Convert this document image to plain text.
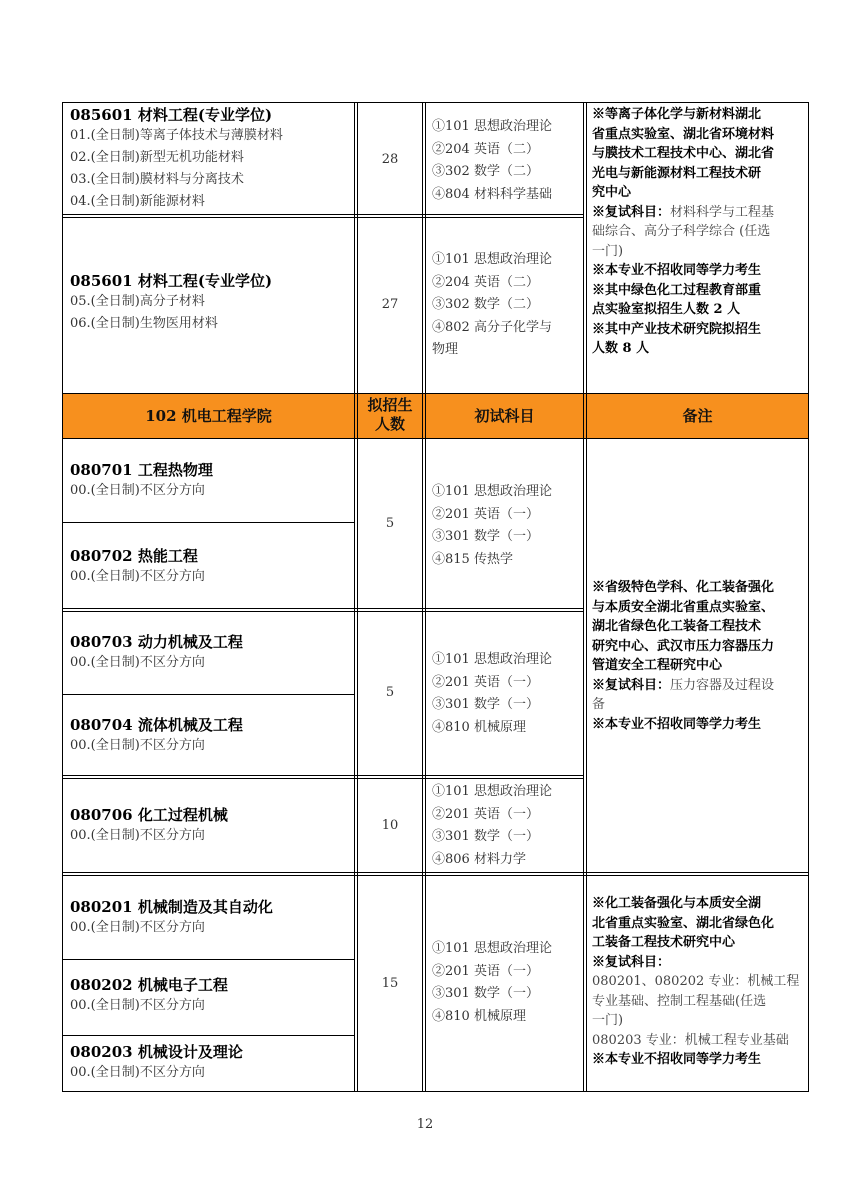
085601 材料工程(专业学位)
01.(全日制)等离子体技术与薄膜材料
02.(全日制)新型无机功能材料
03.(全日制)膜材料与分离技术
04.(全日制)新能源材料
28
①101 思想政治理论
②204 英语（二）
③302 数学（二）
④804 材料科学基础
085601 材料工程(专业学位)
05.(全日制)高分子材料
06.(全日制)生物医用材料
27
①101 思想政治理论
②204 英语（二）
③302 数学（二）
④802 高分子化学与
物理
※等离子体化学与新材料湖北
省重点实验室、湖北省环境材料
与膜技术工程技术中心、湖北省
光电与新能源材料工程技术研
究中心
※复试科目：材料科学与工程基
础综合、高分子科学综合 (任选
一门)
※本专业不招收同等学力考生
※其中绿色化工过程教育部重
点实验室拟招生人数 2 人
※其中产业技术研究院拟招生
人数 8 人
102 机电工程学院
拟招生
人数	初试科目	备注
080701 工程热物理
00.(全日制)不区分方向
080702 热能工程
00.(全日制)不区分方向
5
①101 思想政治理论
②201 英语（一）
③301 数学（一）
④815 传热学
080703 动力机械及工程
00.(全日制)不区分方向
080704 流体机械及工程
00.(全日制)不区分方向
5
①101 思想政治理论
②201 英语（一）
③301 数学（一）
④810 机械原理
080706 化工过程机械
00.(全日制)不区分方向
10
①101 思想政治理论
②201 英语（一）
③301 数学（一）
④806 材料力学
※省级特色学科、化工装备强化
与本质安全湖北省重点实验室、
湖北省绿色化工装备工程技术
研究中心、武汉市压力容器压力
管道安全工程研究中心
※复试科目：压力容器及过程设
备
※本专业不招收同等学力考生
080201 机械制造及其自动化
00.(全日制)不区分方向
080202 机械电子工程
00.(全日制)不区分方向
080203 机械设计及理论
00.(全日制)不区分方向
15
①101 思想政治理论
②201 英语（一）
③301 数学（一）
④810 机械原理
※化工装备强化与本质安全湖
北省重点实验室、湖北省绿色化
工装备工程技术研究中心
※复试科目：
080201、080202 专业：机械工程
专业基础、控制工程基础(任选
一门)
080203 专业：机械工程专业基础
※本专业不招收同等学力考生
12
